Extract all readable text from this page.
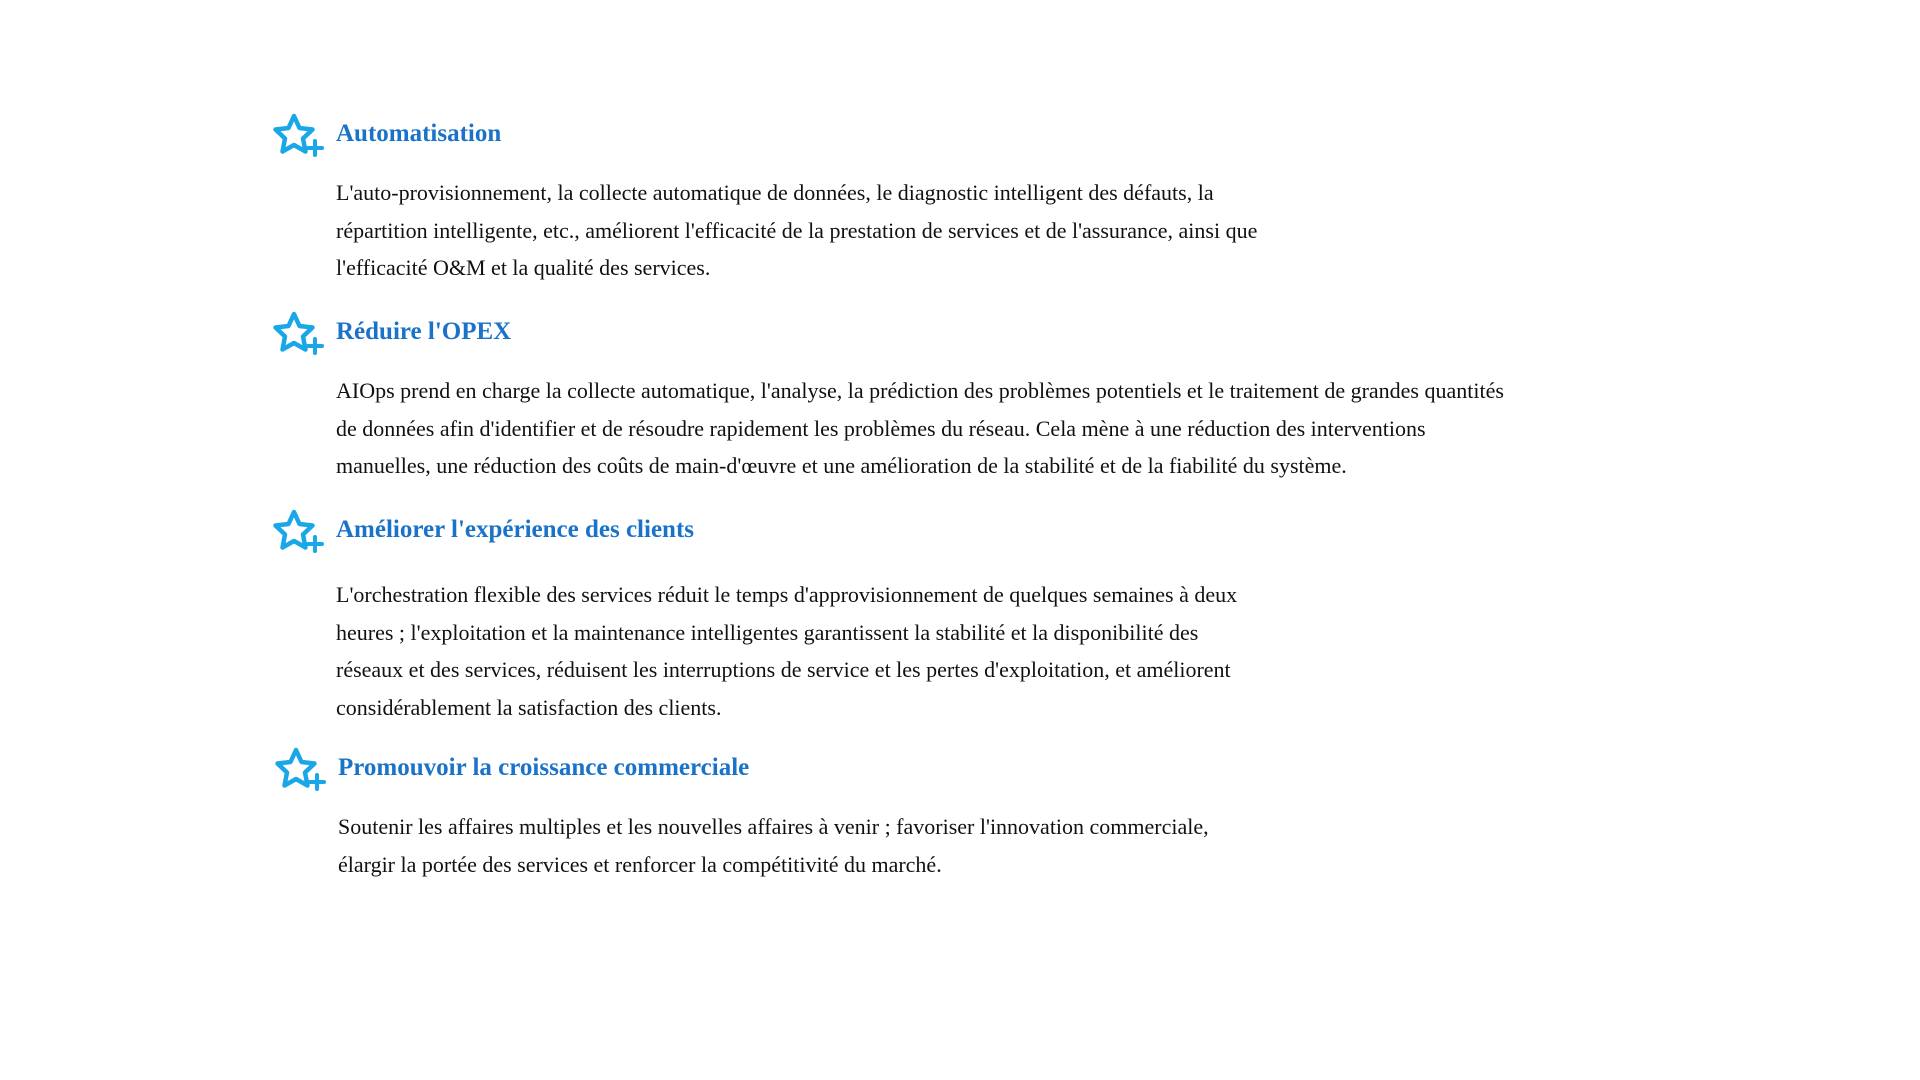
Automatisation

L'auto-provisionnement, la collecte automatique de données, le diagnostic intelligent des défauts, la
répartition intelligente, etc., améliorent l'efficacité de la prestation de services et de l'assurance, ainsi que
l'efficacité O&M et la qualité des services.

Réduire l'OPEX

AIOps prend en charge la collecte automatique, l'analyse, la prédiction des problèmes potentiels et le traitement de grandes quantités
de données afin d'identifier et de résoudre rapidement les problèmes du réseau. Cela mène à une réduction des interventions
manuelles, une réduction des coûts de main-d'œuvre et une amélioration de la stabilité et de la fiabilité du système.

Améliorer l'expérience des clients

L'orchestration flexible des services réduit le temps d'approvisionnement de quelques semaines à deux
heures ; l'exploitation et la maintenance intelligentes garantissent la stabilité et la disponibilité des
réseaux et des services, réduisent les interruptions de service et les pertes d'exploitation, et améliorent
considérablement la satisfaction des clients.

Promouvoir la croissance commerciale

Soutenir les affaires multiples et les nouvelles affaires à venir ; favoriser l'innovation commerciale,
élargir la portée des services et renforcer la compétitivité du marché.
